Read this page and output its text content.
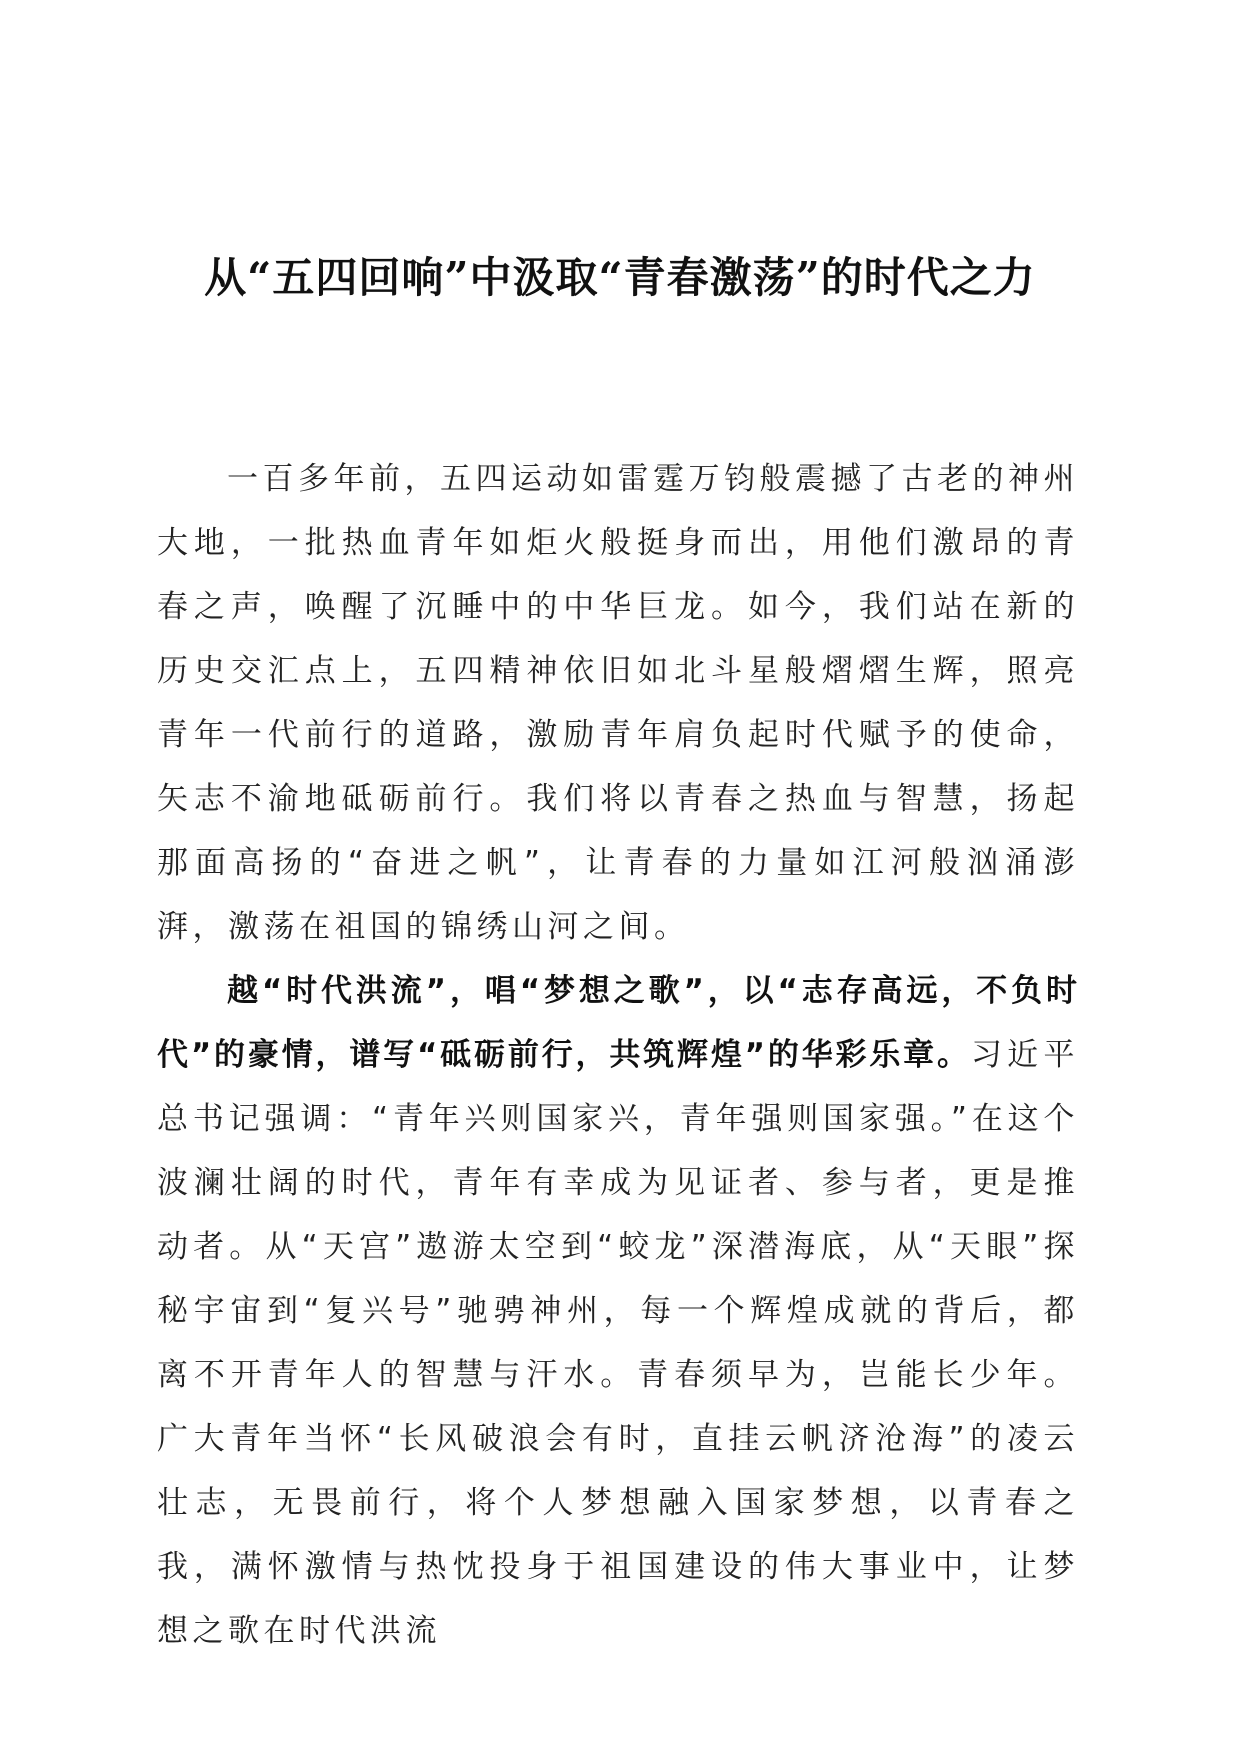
从“五四回响”中汲取“青春激荡”的时代之力

一百多年前，五四运动如雷霆万钧般震撼了古老的神州大地，一批热血青年如炬火般挺身而出，用他们激昂的青春之声，唤醒了沉睡中的中华巨龙。如今，我们站在新的历史交汇点上，五四精神依旧如北斗星般熠熠生辉，照亮青年一代前行的道路，激励青年肩负起时代赋予的使命，矢志不渝地砥砺前行。我们将以青春之热血与智慧，扬起那面高扬的“奋进之帆”，让青春的力量如江河般汹涌澎湃，激荡在祖国的锦绣山河之间。

越“时代洪流”，唱“梦想之歌”，以“志存高远，不负时代”的豪情，谱写“砥砺前行，共筑辉煌”的华彩乐章。习近平总书记强调：“青年兴则国家兴，青年强则国家强。”在这个波澜壮阔的时代，青年有幸成为见证者、参与者，更是推动者。从“天宫”遨游太空到“蛟龙”深潜海底，从“天眼”探秘宇宙到“复兴号”驰骋神州，每一个辉煌成就的背后，都离不开青年人的智慧与汗水。青春须早为，岂能长少年。广大青年当怀“长风破浪会有时，直挂云帆济沧海”的凌云壮志，无畏前行，将个人梦想融入国家梦想，以青春之我，满怀激情与热忱投身于祖国建设的伟大事业中，让梦想之歌在时代洪流
